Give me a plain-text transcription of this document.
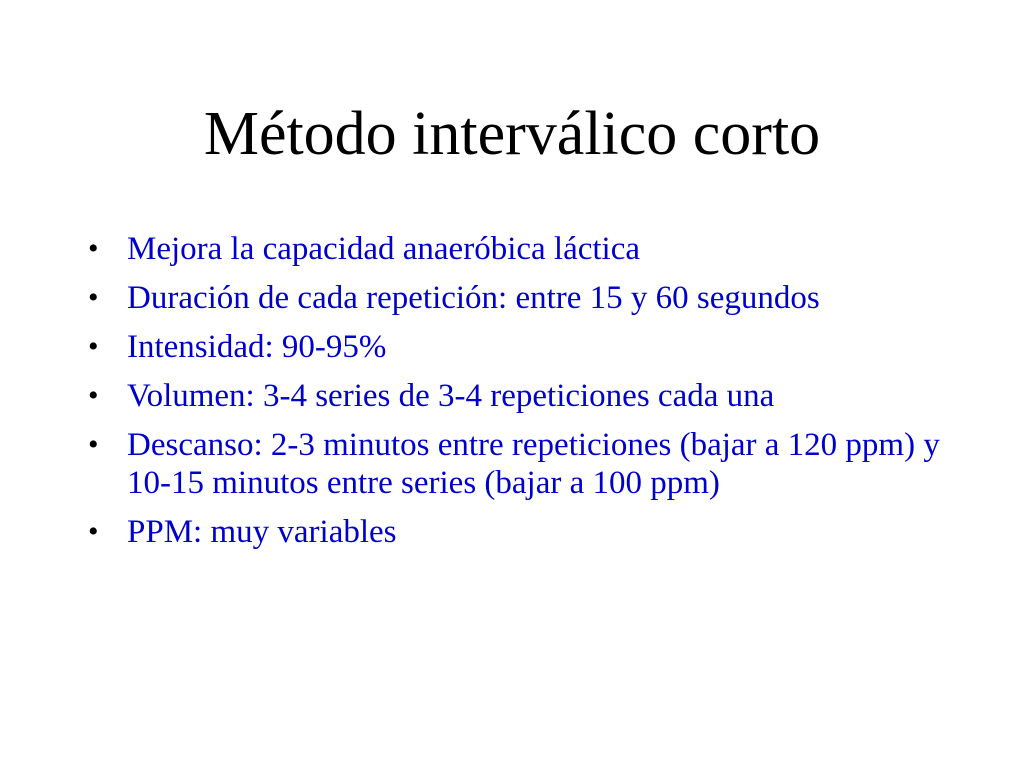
Método interválico corto
• Mejora la capacidad anaeróbica láctica
• Duración de cada repetición: entre 15 y 60 segundos
• Intensidad: 90-95%
• Volumen: 3-4 series de 3-4 repeticiones cada una
• Descanso: 2-3 minutos entre repeticiones (bajar a 120 ppm) y 10-15 minutos entre series (bajar a 100 ppm)
• PPM: muy variables
